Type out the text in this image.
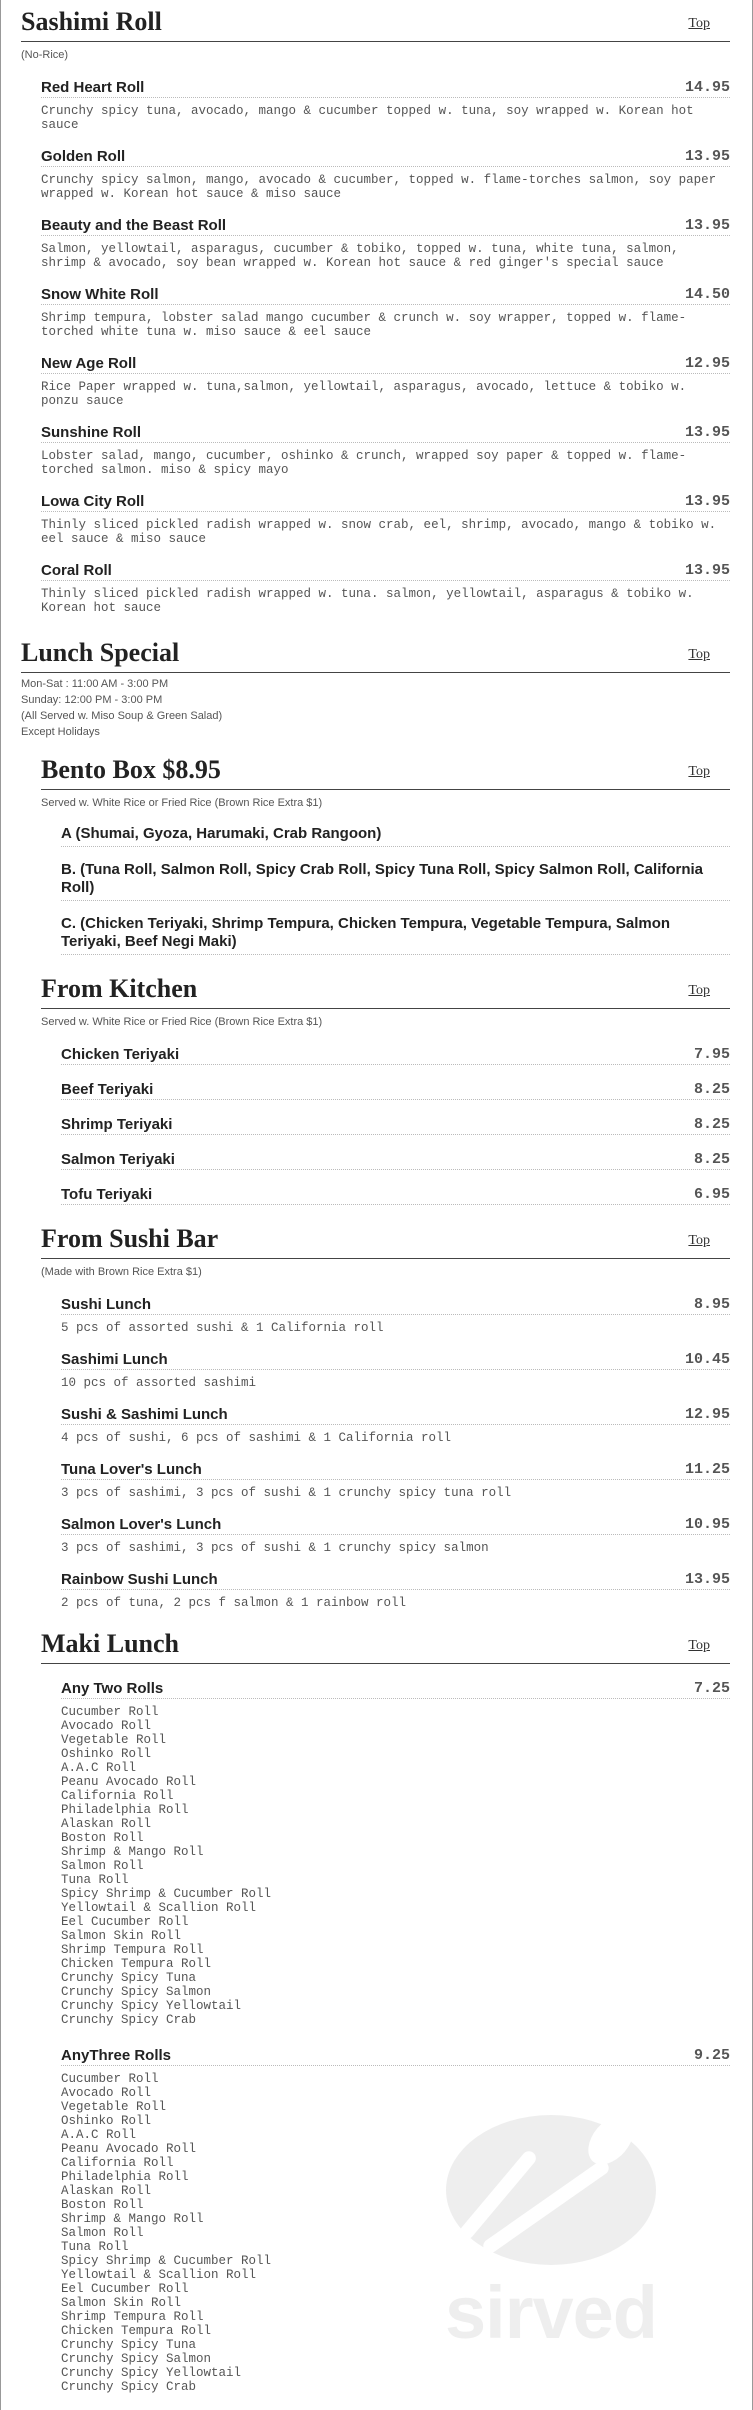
Sashimi Roll	Top
(No-Rice)
Red Heart Roll	14.95
Crunchy spicy tuna, avocado, mango & cucumber topped w. tuna, soy wrapped w. Korean hot sauce
Golden Roll	13.95
Crunchy spicy salmon, mango, avocado & cucumber, topped w. flame-torches salmon, soy paper wrapped w. Korean hot sauce & miso sauce
Beauty and the Beast Roll	13.95
Salmon, yellowtail, asparagus, cucumber & tobiko, topped w. tuna, white tuna, salmon, shrimp & avocado, soy bean wrapped w. Korean hot sauce & red ginger's special sauce
Snow White Roll	14.50
Shrimp tempura, lobster salad mango cucumber & crunch w. soy wrapper, topped w. flame-torched white tuna w. miso sauce & eel sauce
New Age Roll	12.95
Rice Paper wrapped w. tuna,salmon, yellowtail, asparagus, avocado, lettuce & tobiko w. ponzu sauce
Sunshine Roll	13.95
Lobster salad, mango, cucumber, oshinko & crunch, wrapped soy paper & topped w. flame-torched salmon. miso & spicy mayo
Lowa City Roll	13.95
Thinly sliced pickled radish wrapped w. snow crab, eel, shrimp, avocado, mango & tobiko w. eel sauce & miso sauce
Coral Roll	13.95
Thinly sliced pickled radish wrapped w. tuna. salmon, yellowtail, asparagus & tobiko w. Korean hot sauce
Lunch Special	Top
Mon-Sat : 11:00 AM - 3:00 PM
Sunday: 12:00 PM - 3:00 PM
(All Served w. Miso Soup & Green Salad)
Except Holidays
Bento Box $8.95	Top
Served w. White Rice or Fried Rice (Brown Rice Extra $1)
A (Shumai, Gyoza, Harumaki, Crab Rangoon)
B. (Tuna Roll, Salmon Roll, Spicy Crab Roll, Spicy Tuna Roll, Spicy Salmon Roll, California Roll)
C. (Chicken Teriyaki, Shrimp Tempura, Chicken Tempura, Vegetable Tempura, Salmon Teriyaki, Beef Negi Maki)
From Kitchen	Top
Served w. White Rice or Fried Rice (Brown Rice Extra $1)
Chicken Teriyaki	7.95
Beef Teriyaki	8.25
Shrimp Teriyaki	8.25
Salmon Teriyaki	8.25
Tofu Teriyaki	6.95
From Sushi Bar	Top
(Made with Brown Rice Extra $1)
Sushi Lunch	8.95
5 pcs of assorted sushi & 1 California roll
Sashimi Lunch	10.45
10 pcs of assorted sashimi
Sushi & Sashimi Lunch	12.95
4 pcs of sushi, 6 pcs of sashimi & 1 California roll
Tuna Lover's Lunch	11.25
3 pcs of sashimi, 3 pcs of sushi & 1 crunchy spicy tuna roll
Salmon Lover's Lunch	10.95
3 pcs of sashimi, 3 pcs of sushi & 1 crunchy spicy salmon
Rainbow Sushi Lunch	13.95
2 pcs of tuna, 2 pcs f salmon & 1 rainbow roll
Maki Lunch	Top
Any Two Rolls	7.25
Cucumber Roll
Avocado Roll
Vegetable Roll
Oshinko Roll
A.A.C Roll
Peanu Avocado Roll
California Roll
Philadelphia Roll
Alaskan Roll
Boston Roll
Shrimp & Mango Roll
Salmon Roll
Tuna Roll
Spicy Shrimp & Cucumber Roll
Yellowtail & Scallion Roll
Eel Cucumber Roll
Salmon Skin Roll
Shrimp Tempura Roll
Chicken Tempura Roll
Crunchy Spicy Tuna
Crunchy Spicy Salmon
Crunchy Spicy Yellowtail
Crunchy Spicy Crab
AnyThree Rolls	9.25
Cucumber Roll
Avocado Roll
Vegetable Roll
Oshinko Roll
A.A.C Roll
Peanu Avocado Roll
California Roll
Philadelphia Roll
Alaskan Roll
Boston Roll
Shrimp & Mango Roll
Salmon Roll
Tuna Roll
Spicy Shrimp & Cucumber Roll
Yellowtail & Scallion Roll
Eel Cucumber Roll
Salmon Skin Roll
Shrimp Tempura Roll
Chicken Tempura Roll
Crunchy Spicy Tuna
Crunchy Spicy Salmon
Crunchy Spicy Yellowtail
Crunchy Spicy Crab
sirved
